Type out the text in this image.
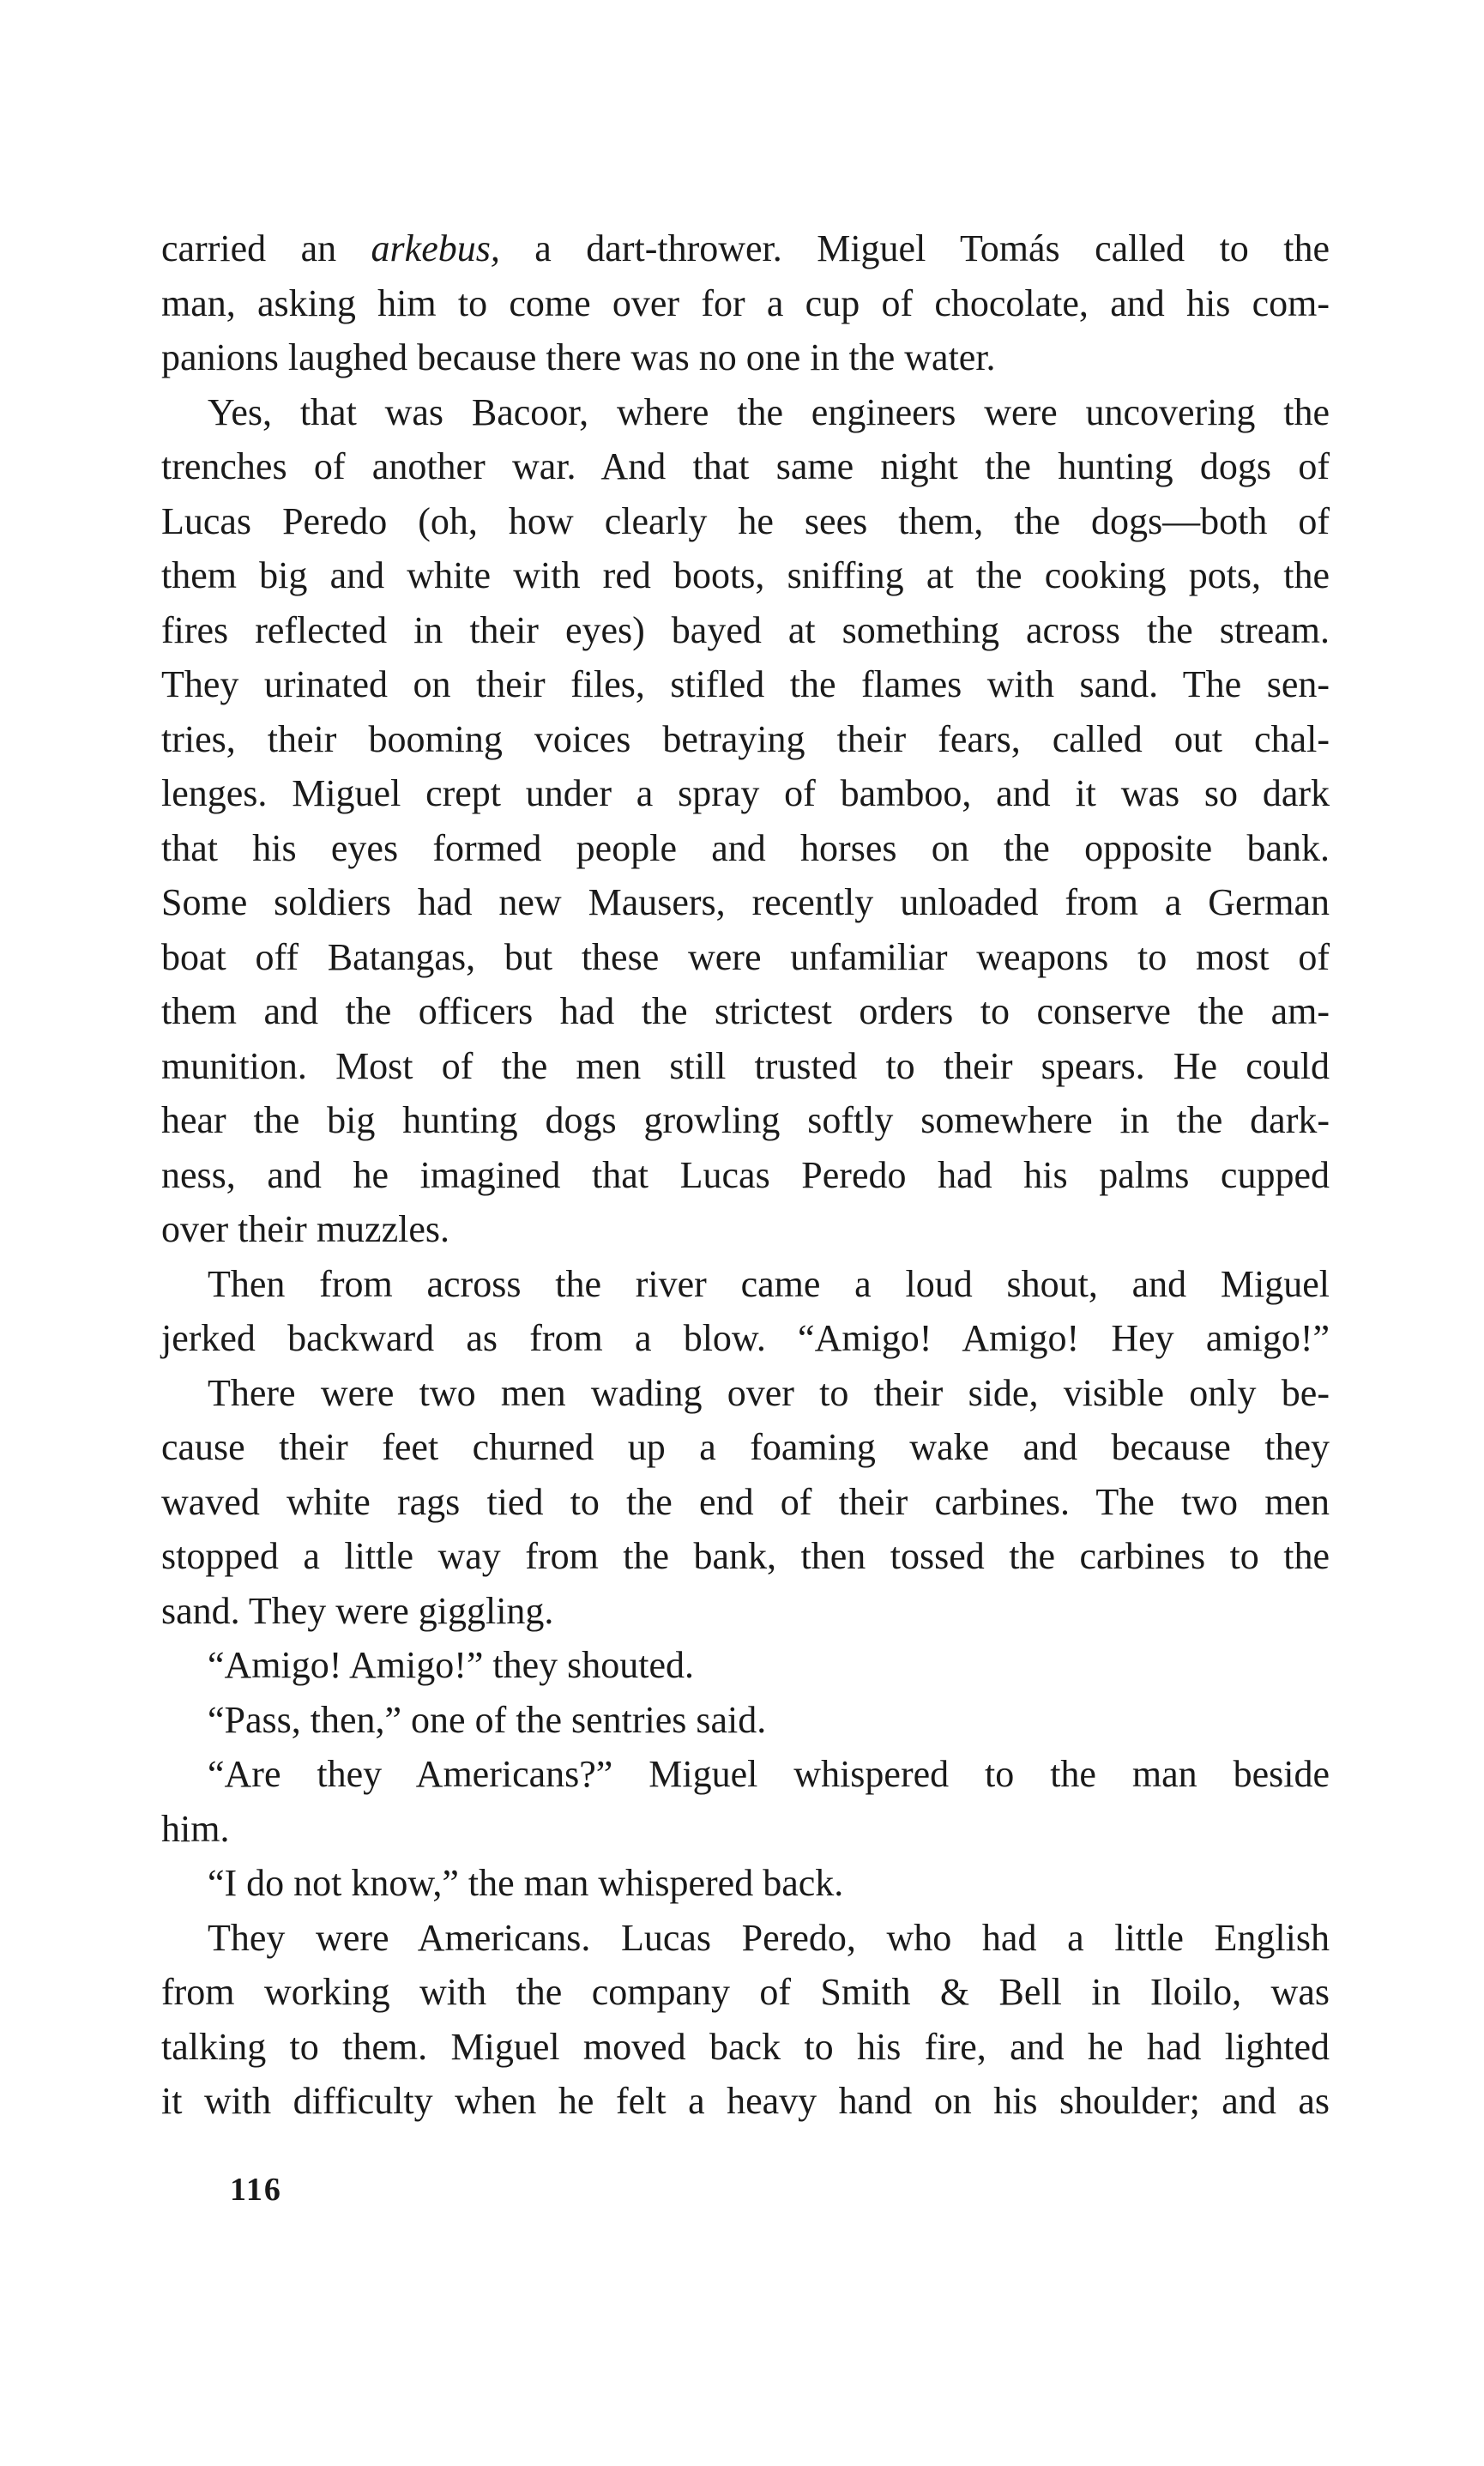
carried an arkebus, a dart-thrower. Miguel Tomás called to the
man, asking him to come over for a cup of chocolate, and his com-
panions laughed because there was no one in the water.
Yes, that was Bacoor, where the engineers were uncovering the
trenches of another war. And that same night the hunting dogs of
Lucas Peredo (oh, how clearly he sees them, the dogs—both of
them big and white with red boots, sniffing at the cooking pots, the
fires reflected in their eyes) bayed at something across the stream.
They urinated on their files, stifled the flames with sand. The sen-
tries, their booming voices betraying their fears, called out chal-
lenges. Miguel crept under a spray of bamboo, and it was so dark
that his eyes formed people and horses on the opposite bank.
Some soldiers had new Mausers, recently unloaded from a German
boat off Batangas, but these were unfamiliar weapons to most of
them and the officers had the strictest orders to conserve the am-
munition. Most of the men still trusted to their spears. He could
hear the big hunting dogs growling softly somewhere in the dark-
ness, and he imagined that Lucas Peredo had his palms cupped
over their muzzles.
Then from across the river came a loud shout, and Miguel
jerked backward as from a blow. “Amigo! Amigo! Hey amigo!”
There were two men wading over to their side, visible only be-
cause their feet churned up a foaming wake and because they
waved white rags tied to the end of their carbines. The two men
stopped a little way from the bank, then tossed the carbines to the
sand. They were giggling.
“Amigo! Amigo!” they shouted.
“Pass, then,” one of the sentries said.
“Are they Americans?” Miguel whispered to the man beside
him.
“I do not know,” the man whispered back.
They were Americans. Lucas Peredo, who had a little English
from working with the company of Smith & Bell in Iloilo, was
talking to them. Miguel moved back to his fire, and he had lighted
it with difficulty when he felt a heavy hand on his shoulder; and as
116
